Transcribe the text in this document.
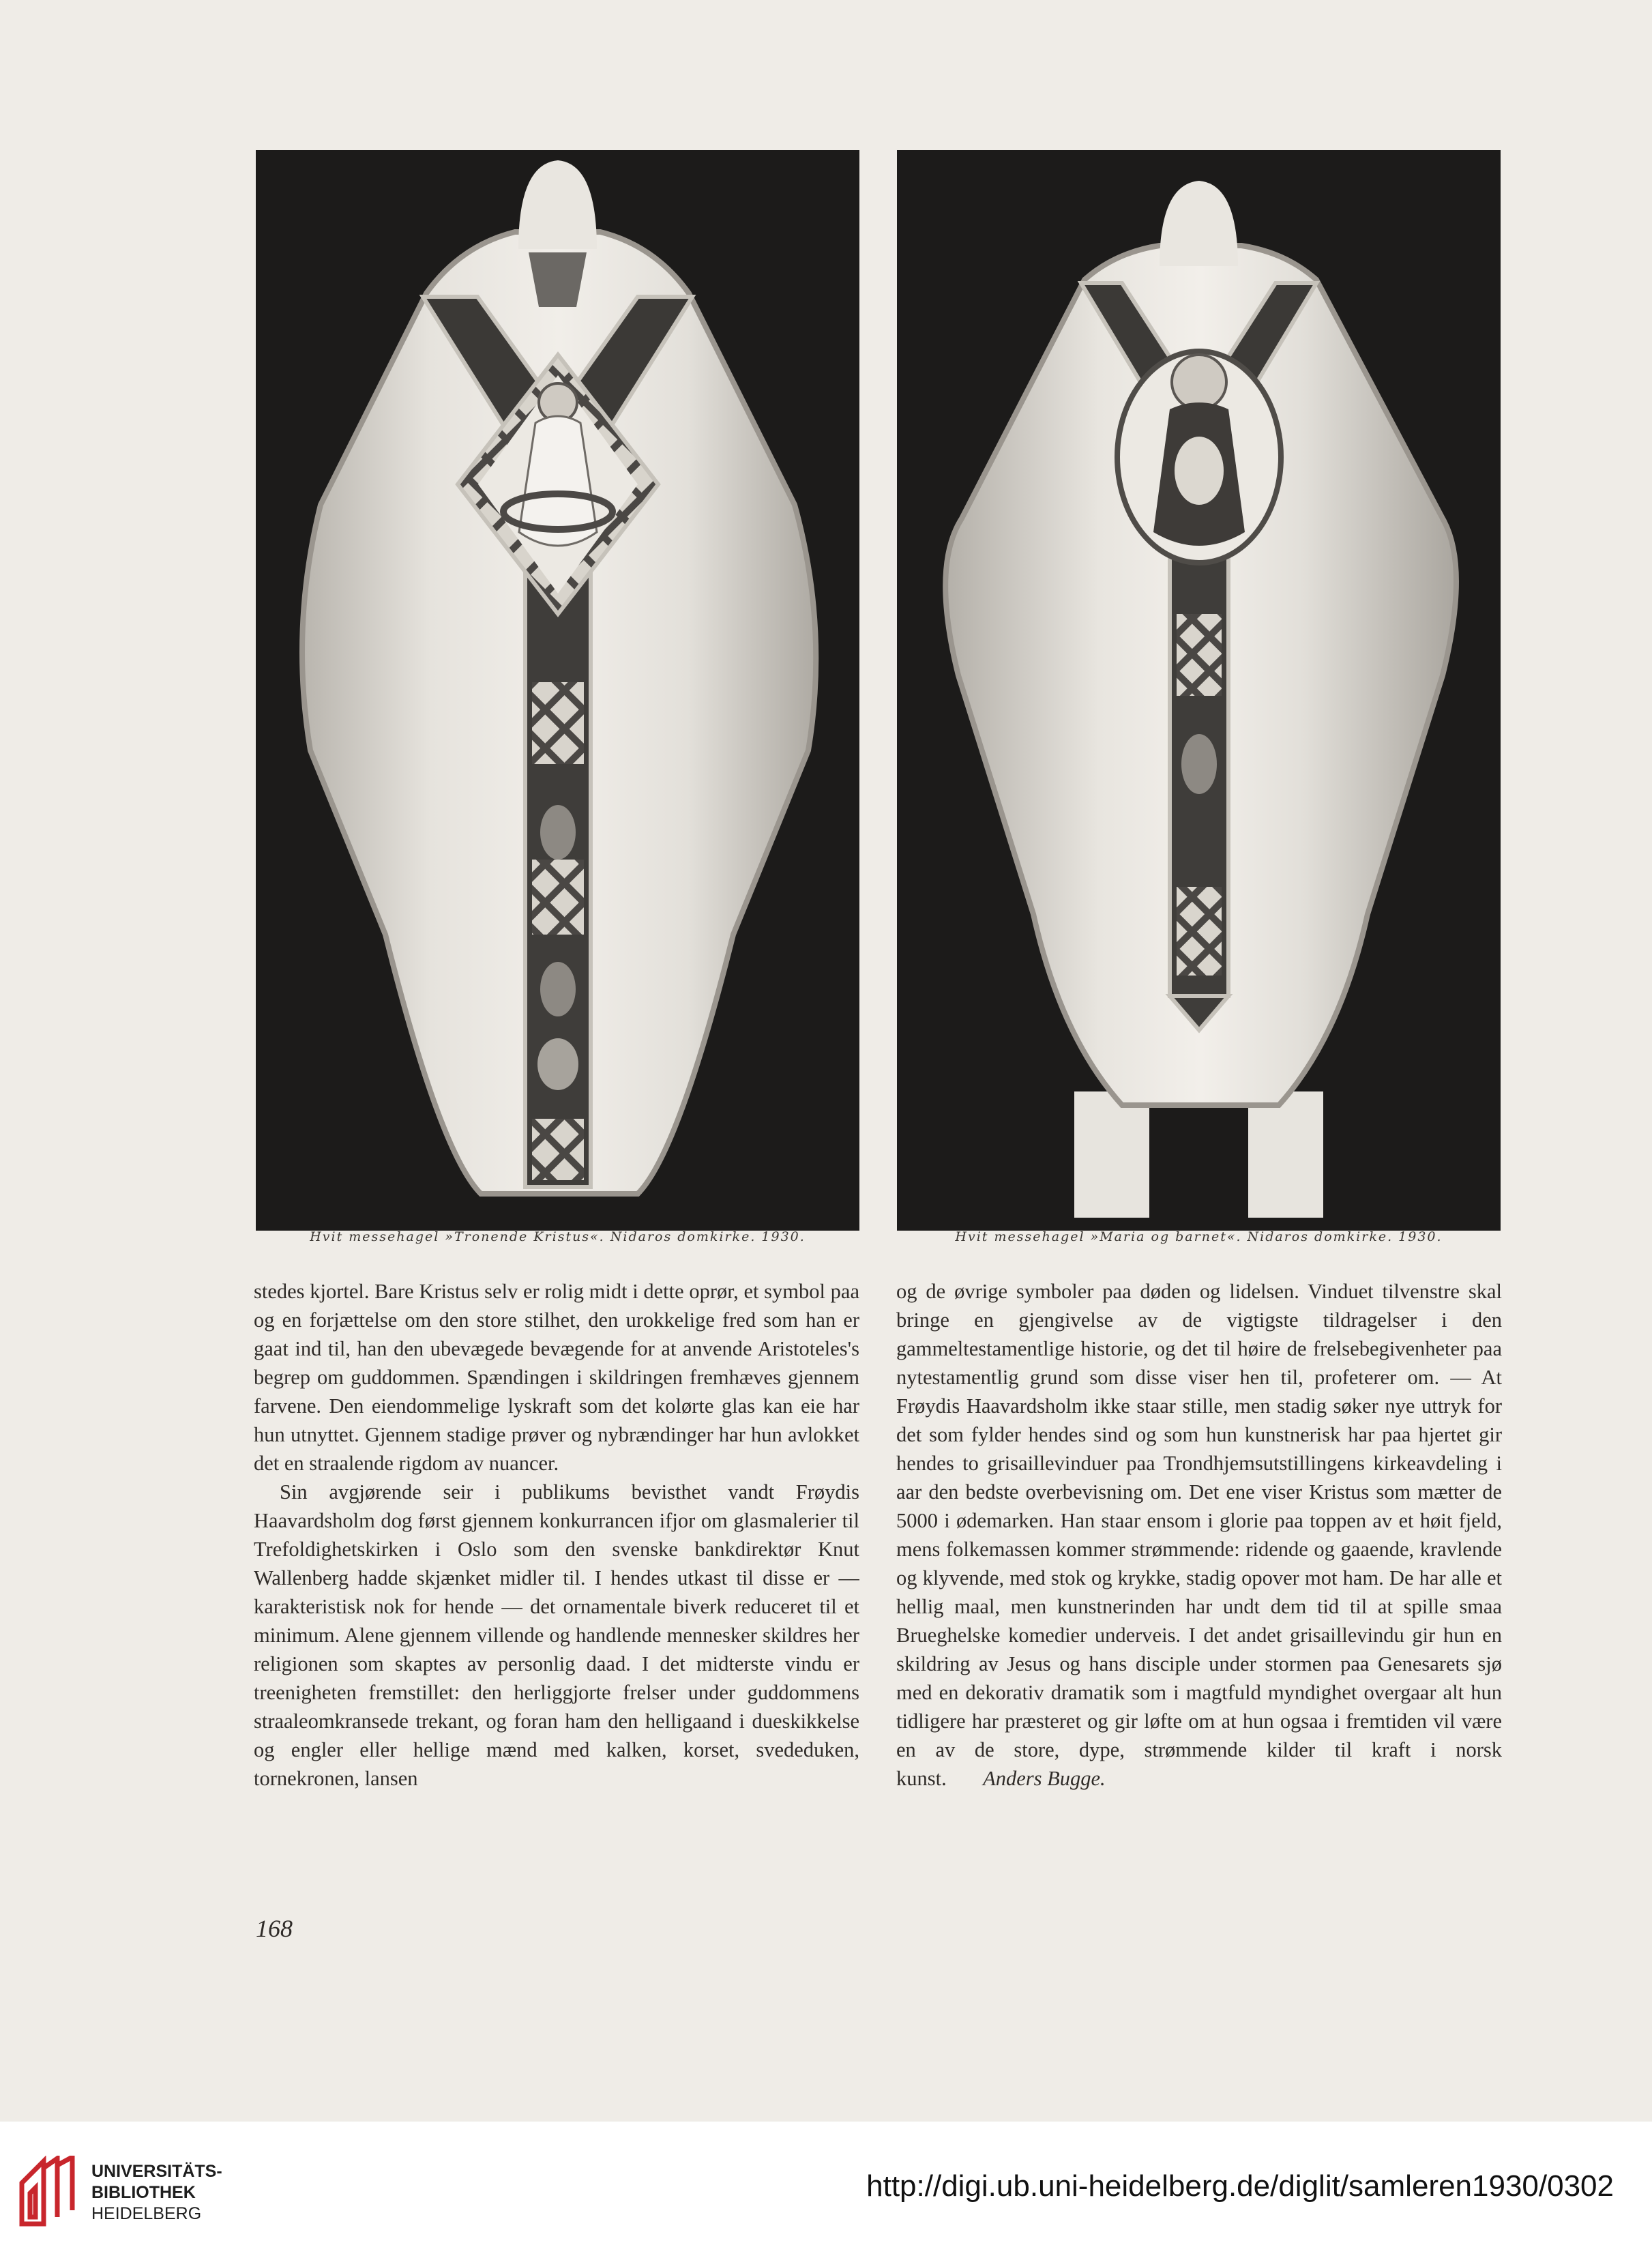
Hvit messehagel »Tronende Kristus«. Nidaros domkirke. 1930.	Hvit messehagel »Maria og barnet«. Nidaros domkirke. 1930.

stedes kjortel. Bare Kristus selv er rolig midt i dette oprør, et symbol paa og en forjættelse om den store stilhet, den urokkelige fred som han er gaat ind til, han den ubevægede bevægende for at anvende Aristoteles's begrep om guddommen. Spændingen i skildringen fremhæves gjennem farvene. Den eiendommelige lyskraft som det kolørte glas kan eie har hun utnyttet. Gjennem stadige prøver og nybrændinger har hun avlokket det en straalende rigdom av nuancer.

Sin avgjørende seir i publikums bevisthet vandt Frøydis Haavardsholm dog først gjennem konkurrancen ifjor om glasmalerier til Trefoldighetskirken i Oslo som den svenske bankdirektør Knut Wallenberg hadde skjænket midler til. I hendes utkast til disse er — karakteristisk nok for hende — det ornamentale biverk reduceret til et minimum. Alene gjennem villende og handlende mennesker skildres her religionen som skaptes av personlig daad. I det midterste vindu er treenigheten fremstillet: den herliggjorte frelser under guddommens straaleomkransede trekant, og foran ham den helligaand i dueskikkelse og engler eller hellige mænd med kalken, korset, svededuken, tornekronen, lansen

og de øvrige symboler paa døden og lidelsen. Vinduet tilvenstre skal bringe en gjengivelse av de vigtigste tildragelser i den gammeltestamentlige historie, og det til høire de frelsebegivenheter paa nytestamentlig grund som disse viser hen til, profeterer om. — At Frøydis Haavardsholm ikke staar stille, men stadig søker nye uttryk for det som fylder hendes sind og som hun kunstnerisk har paa hjertet gir hendes to grisaillevinduer paa Trondhjemsutstillingens kirkeavdeling i aar den bedste overbevisning om. Det ene viser Kristus som mætter de 5000 i ødemarken. Han staar ensom i glorie paa toppen av et høit fjeld, mens folkemassen kommer strømmende: ridende og gaaende, kravlende og klyvende, med stok og krykke, stadig opover mot ham. De har alle et hellig maal, men kunstnerinden har undt dem tid til at spille smaa Brueghelske komedier underveis. I det andet grisaillevindu gir hun en skildring av Jesus og hans disciple under stormen paa Genesarets sjø med en dekorativ dramatik som i magtfuld myndighet overgaar alt hun tidligere har præsteret og gir løfte om at hun ogsaa i fremtiden vil være en av de store, dype, strømmende kilder til kraft i norsk kunst. Anders Bugge.

168
UNIVERSITÄTS-
BIBLIOTHEK
HEIDELBERG
http://digi.ub.uni-heidelberg.de/diglit/samleren1930/0302
